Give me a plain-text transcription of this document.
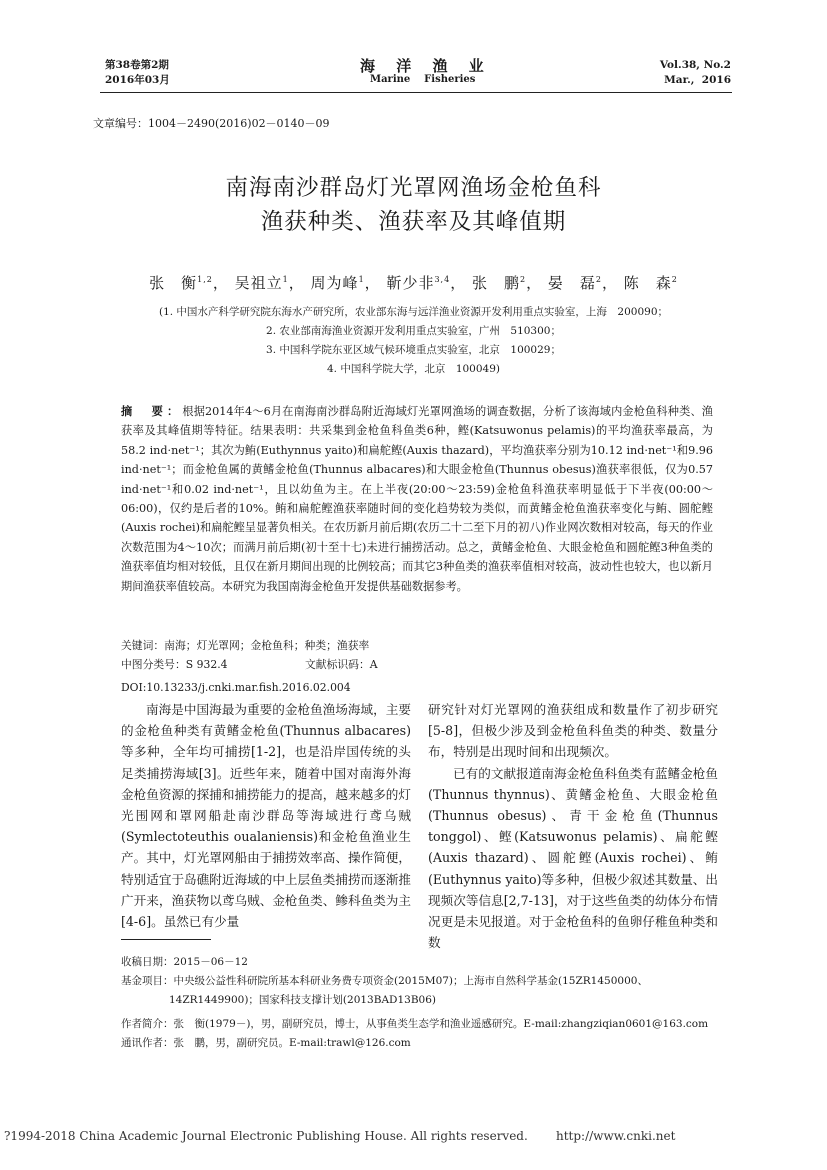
第38卷第2期
2016年03月
海 洋 渔 业
Marine    Fisheries
Vol.38, No.2
Mar.,  2016
文章编号：1004－2490(2016)02－0140－09
南海南沙群岛灯光罩网渔场金枪鱼科
渔获种类、渔获率及其峰值期
张　衡$^{1,2}$， 吴祖立$^1$， 周为峰$^1$， 靳少非$^{3,4}$， 张　鹏$^2$， 晏　磊$^2$， 陈　森$^2$
(1. 中国水产科学研究院东海水产研究所，农业部东海与远洋渔业资源开发利用重点实验室，上海　200090；
2. 农业部南海渔业资源开发利用重点实验室，广州　510300；
3. 中国科学院东亚区域气候环境重点实验室，北京　100029；
4. 中国科学院大学，北京　100049)
摘　要：根据2014年4～6月在南海南沙群岛附近海域灯光罩网渔场的调查数据，分析了该海域内金枪鱼科种类、渔获率及其峰值期等特征。结果表明：共采集到金枪鱼科鱼类6种，鲣(Katsuwonus pelamis)的平均渔获率最高，为58.2 ind·net⁻¹；其次为鲔(Euthynnus yaito)和扁舵鲣(Auxis thazard)，平均渔获率分别为10.12 ind·net⁻¹和9.96 ind·net⁻¹；而金枪鱼属的黄鳍金枪鱼(Thunnus albacares)和大眼金枪鱼(Thunnus obesus)渔获率很低，仅为0.57 ind·net⁻¹和0.02 ind·net⁻¹，且以幼鱼为主。在上半夜(20:00～23:59)金枪鱼科渔获率明显低于下半夜(00:00～06:00)，仅约是后者的10%。鲔和扁舵鲣渔获率随时间的变化趋势较为类似，而黄鳍金枪鱼渔获率变化与鲔、圆舵鲣(Auxis rochei)和扁舵鲣呈显著负相关。在农历新月前后期(农历二十二至下月的初八)作业网次数相对较高，每天的作业次数范围为4～10次；而满月前后期(初十至十七)未进行捕捞活动。总之，黄鳍金枪鱼、大眼金枪鱼和圆舵鲣3种鱼类的渔获率值均相对较低，且仅在新月期间出现的比例较高；而其它3种鱼类的渔获率值相对较高，波动性也较大，也以新月期间渔获率值较高。本研究为我国南海金枪鱼开发提供基础数据参考。
关键词：南海；灯光罩网；金枪鱼科；种类；渔获率
中图分类号：S 932.4	文献标识码：A
DOI:10.13233/j.cnki.mar.fish.2016.02.004

南海是中国海最为重要的金枪鱼渔场海域，主要的金枪鱼种类有黄鳍金枪鱼(Thunnus albacares)等多种，全年均可捕捞[1-2]，也是沿岸国传统的头足类捕捞海域[3]。近些年来，随着中国对南海外海金枪鱼资源的探捕和捕捞能力的提高，越来越多的灯光围网和罩网船赴南沙群岛等海域进行鸢乌贼(Symlectoteuthis oualaniensis)和金枪鱼渔业生产。其中，灯光罩网船由于捕捞效率高、操作简便，特别适宜于岛礁附近海域的中上层鱼类捕捞而逐渐推广开来，渔获物以鸢乌贼、金枪鱼类、鲹科鱼类为主[4-6]。虽然已有少量

研究针对灯光罩网的渔获组成和数量作了初步研究[5-8]，但极少涉及到金枪鱼科鱼类的种类、数量分布，特别是出现时间和出现频次。

已有的文献报道南海金枪鱼科鱼类有蓝鳍金枪鱼(Thunnus thynnus)、黄鳍金枪鱼、大眼金枪鱼(Thunnus obesus)、青干金枪鱼(Thunnus tonggol)、鲣(Katsuwonus pelamis)、扁舵鲣(Auxis thazard)、圆舵鲣(Auxis rochei)、鲔(Euthynnus yaito)等多种，但极少叙述其数量、出现频次等信息[2,7-13]，对于这些鱼类的幼体分布情况更是未见报道。对于金枪鱼科的鱼卵仔稚鱼种类和数

收稿日期：2015－06－12
基金项目：中央级公益性科研院所基本科研业务费专项资金(2015M07)；上海市自然科学基金(15ZR1450000、
14ZR1449900)；国家科技支撑计划(2013BAD13B06)
作者简介：张　衡(1979－)，男，副研究员，博士，从事鱼类生态学和渔业遥感研究。E-mail:zhangziqian0601@163.com
通讯作者：张　鹏，男，副研究员。E-mail:trawl@126.com
?1994-2018 China Academic Journal Electronic Publishing House. All rights reserved. http://www.cnki.net
